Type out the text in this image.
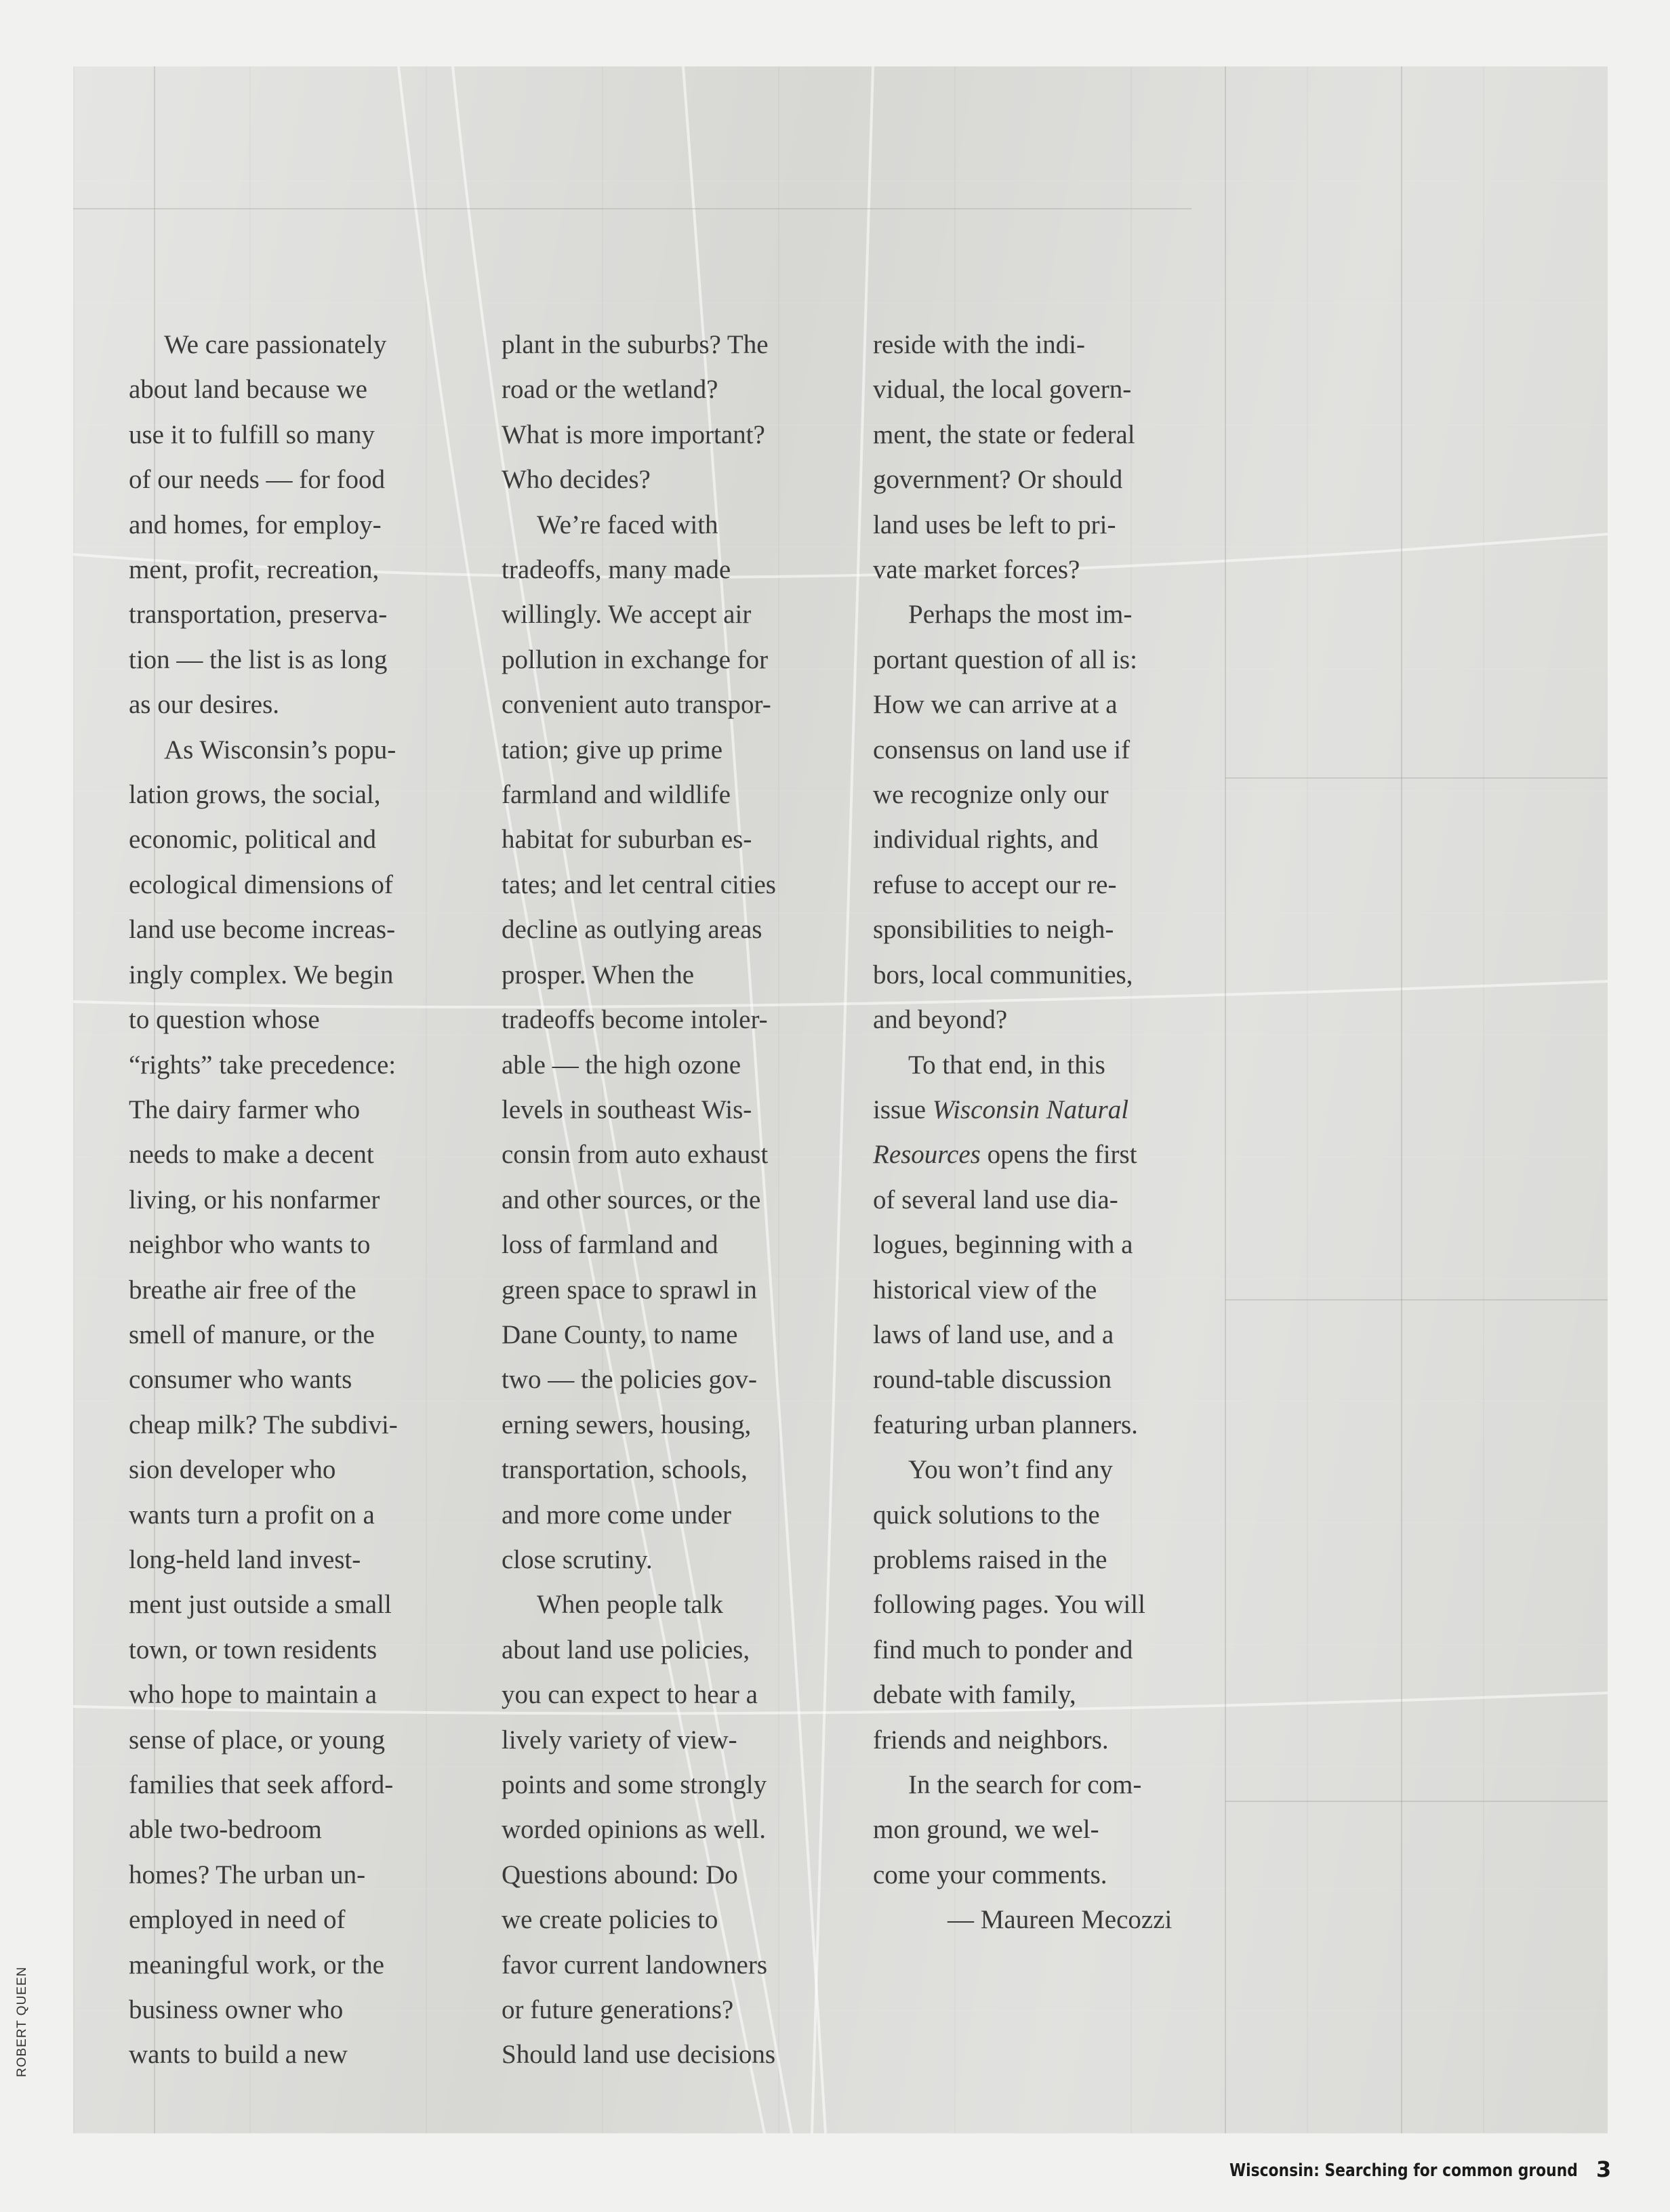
We care passionately
about land because we
use it to fulfill so many
of our needs — for food
and homes, for employ-
ment, profit, recreation,
transportation, preserva-
tion — the list is as long
as our desires.

As Wisconsin’s popu-
lation grows, the social,
economic, political and
ecological dimensions of
land use become increas-
ingly complex. We begin
to question whose
“rights” take precedence:
The dairy farmer who
needs to make a decent
living, or his nonfarmer
neighbor who wants to
breathe air free of the
smell of manure, or the
consumer who wants
cheap milk? The subdivi-
sion developer who
wants turn a profit on a
long-held land invest-
ment just outside a small
town, or town residents
who hope to maintain a
sense of place, or young
families that seek afford-
able two-bedroom
homes? The urban un-
employed in need of
meaningful work, or the
business owner who
wants to build a new

plant in the suburbs? The
road or the wetland?
What is more important?
Who decides?

We’re faced with
tradeoffs, many made
willingly. We accept air
pollution in exchange for
convenient auto transpor-
tation; give up prime
farmland and wildlife
habitat for suburban es-
tates; and let central cities
decline as outlying areas
prosper. When the
tradeoffs become intoler-
able — the high ozone
levels in southeast Wis-
consin from auto exhaust
and other sources, or the
loss of farmland and
green space to sprawl in
Dane County, to name
two — the policies gov-
erning sewers, housing,
transportation, schools,
and more come under
close scrutiny.

When people talk
about land use policies,
you can expect to hear a
lively variety of view-
points and some strongly
worded opinions as well.
Questions abound: Do
we create policies to
favor current landowners
or future generations?
Should land use decisions

reside with the indi-
vidual, the local govern-
ment, the state or federal
government? Or should
land uses be left to pri-
vate market forces?

Perhaps the most im-
portant question of all is:
How we can arrive at a
consensus on land use if
we recognize only our
individual rights, and
refuse to accept our re-
sponsibilities to neigh-
bors, local communities,
and beyond?

To that end, in this
issue Wisconsin Natural
Resources opens the first
of several land use dia-
logues, beginning with a
historical view of the
laws of land use, and a
round-table discussion
featuring urban planners.

You won’t find any
quick solutions to the
problems raised in the
following pages. You will
find much to ponder and
debate with family,
friends and neighbors.

In the search for com-
mon ground, we wel-
come your comments.

— Maureen Mecozzi

ROBERT QUEEN
Wisconsin: Searching for common ground 3
